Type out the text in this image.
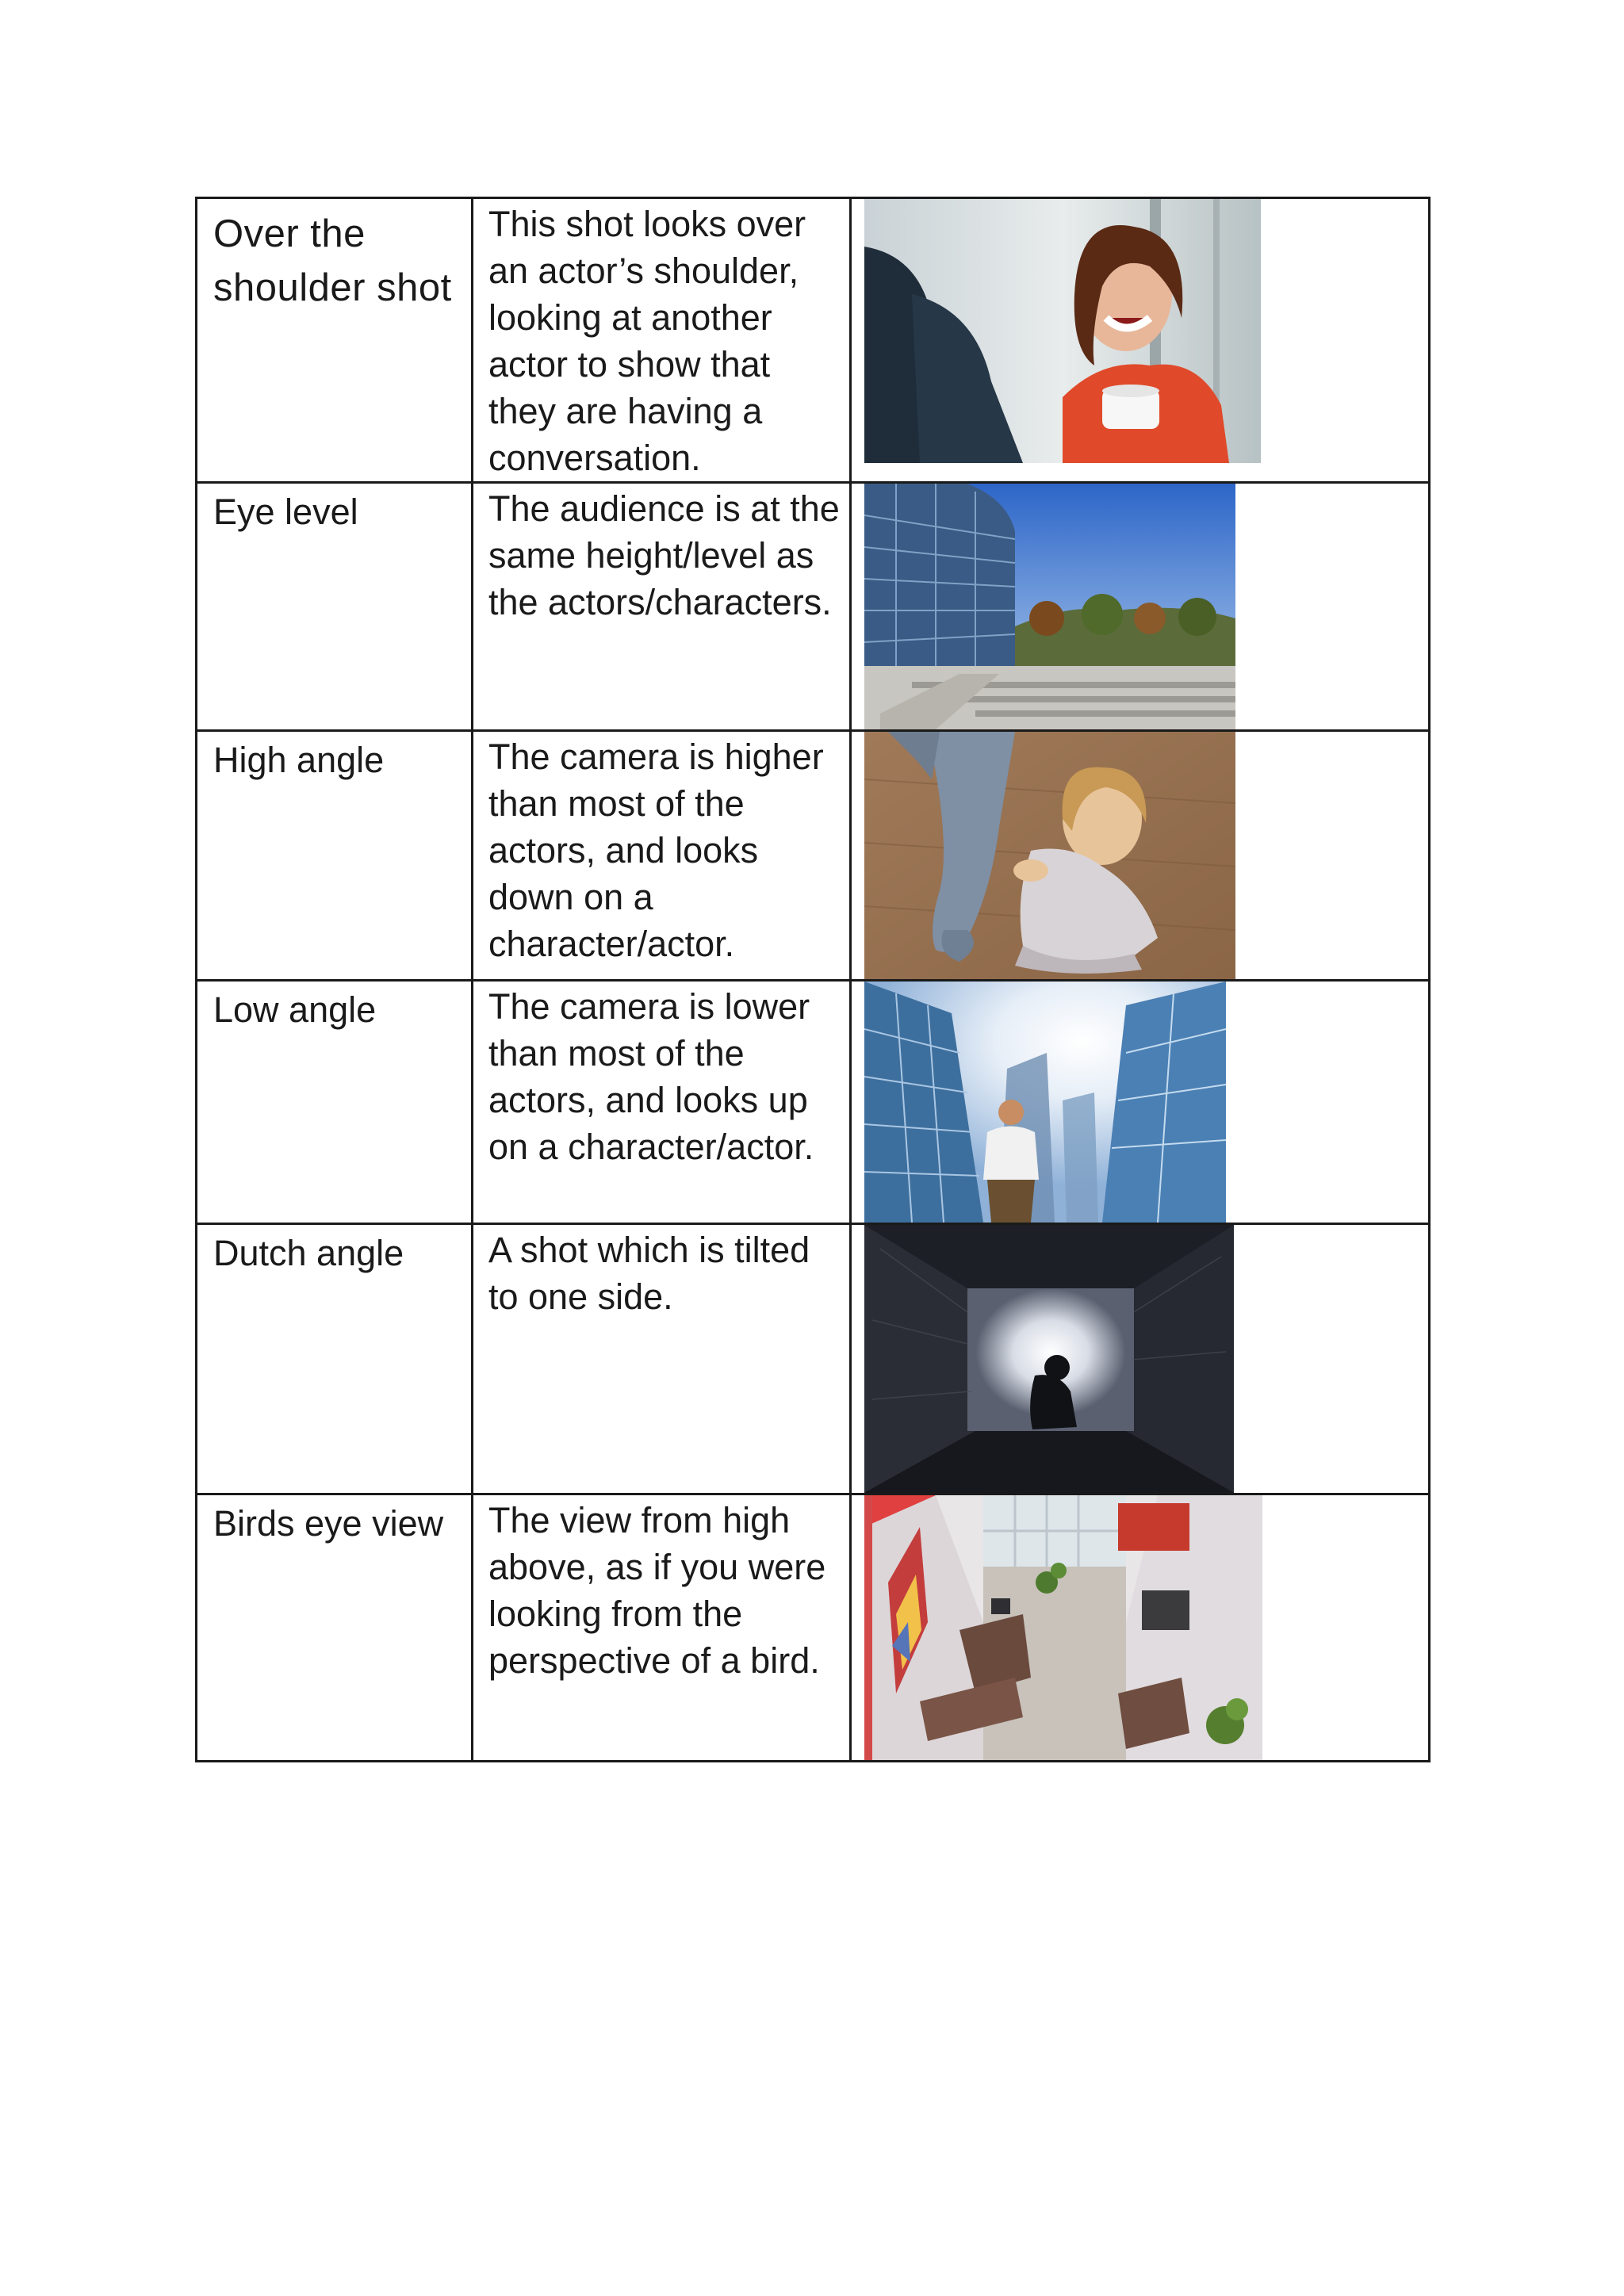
Over the shoulder shot	This shot looks over an actor’s shoulder, looking at another actor to show that they are having a conversation.	

Eye level	The audience is at the same height/level as the actors/characters.	

High angle	The camera is higher than most of the actors, and looks down on a character/actor.	

Low angle	The camera is lower than most of the actors, and looks up on a character/actor.	

Dutch angle	A shot which is tilted to one side.	

Birds eye view	The view from high above, as if you were looking from the perspective of a bird.	
